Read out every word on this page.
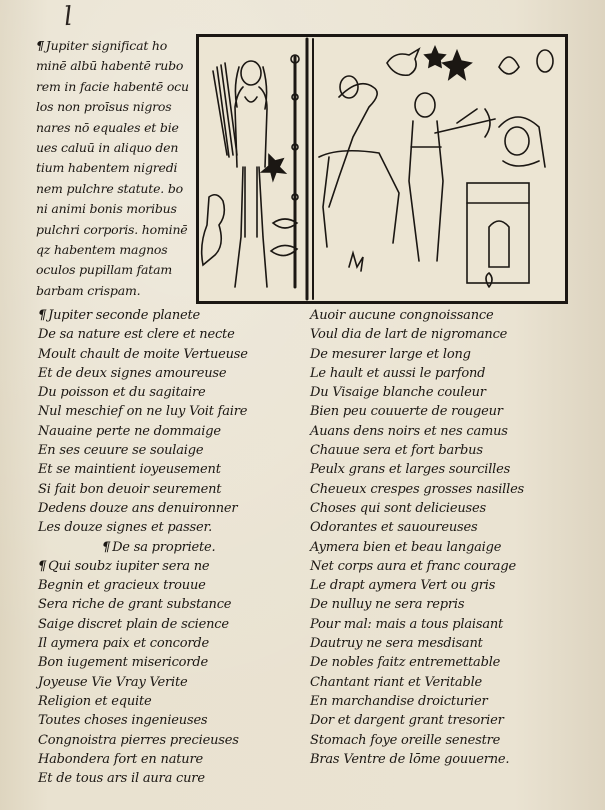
l
¶ Jupiter significat ho
minē albū habentē rubo
rem in facie habentē ocu
los non proīsus nigros
nares nō equales et bie
ues caluū in aliquo den
tium habentem nigredi
nem pulchre statute. bo
ni animi bonis moribus
pulchri corporis. hominē
qz habentem magnos
oculos pupillam fatam
barbam crispam.
¶ Jupiter seconde planete
De sa nature est clere et necte
Moult chault de moite Vertueuse
Et de deux signes amoureuse
Du poisson et du sagitaire
Nul meschief on ne luy Voit faire
Nauaine perte ne dommaige
En ses ceuure se soulaige
Et se maintient ioyeusement
Si fait bon deuoir seurement
Dedens douze ans denuironner
Les douze signes et passer.
¶ De sa propriete.
¶ Qui soubz iupiter sera ne
Begnin et gracieux trouue
Sera riche de grant substance
Saige discret plain de science
Il aymera paix et concorde
Bon iugement misericorde
Joyeuse Vie Vray Verite
Religion et equite
Toutes choses ingenieuses
Congnoistra pierres precieuses
Habondera fort en nature
Et de tous ars il aura cure
Auoir aucune congnoissance
Voul dia de lart de nigromance
De mesurer large et long
Le hault et aussi le parfond
Du Visaige blanche couleur
Bien peu couuerte de rougeur
Auans dens noirs et nes camus
Chauue sera et fort barbus
Peulx grans et larges sourcilles
Cheueux crespes grosses nasilles
Choses qui sont delicieuses
Odorantes et sauoureuses
Aymera bien et beau langaige
Net corps aura et franc courage
Le drapt aymera Vert ou gris
De nulluy ne sera repris
Pour mal: mais a tous plaisant
Dautruy ne sera mesdisant
De nobles faitz entremettable
Chantant riant et Veritable
En marchandise droicturier
Dor et dargent grant tresorier
Stomach foye oreille senestre
Bras Ventre de lōme gouuerne.
